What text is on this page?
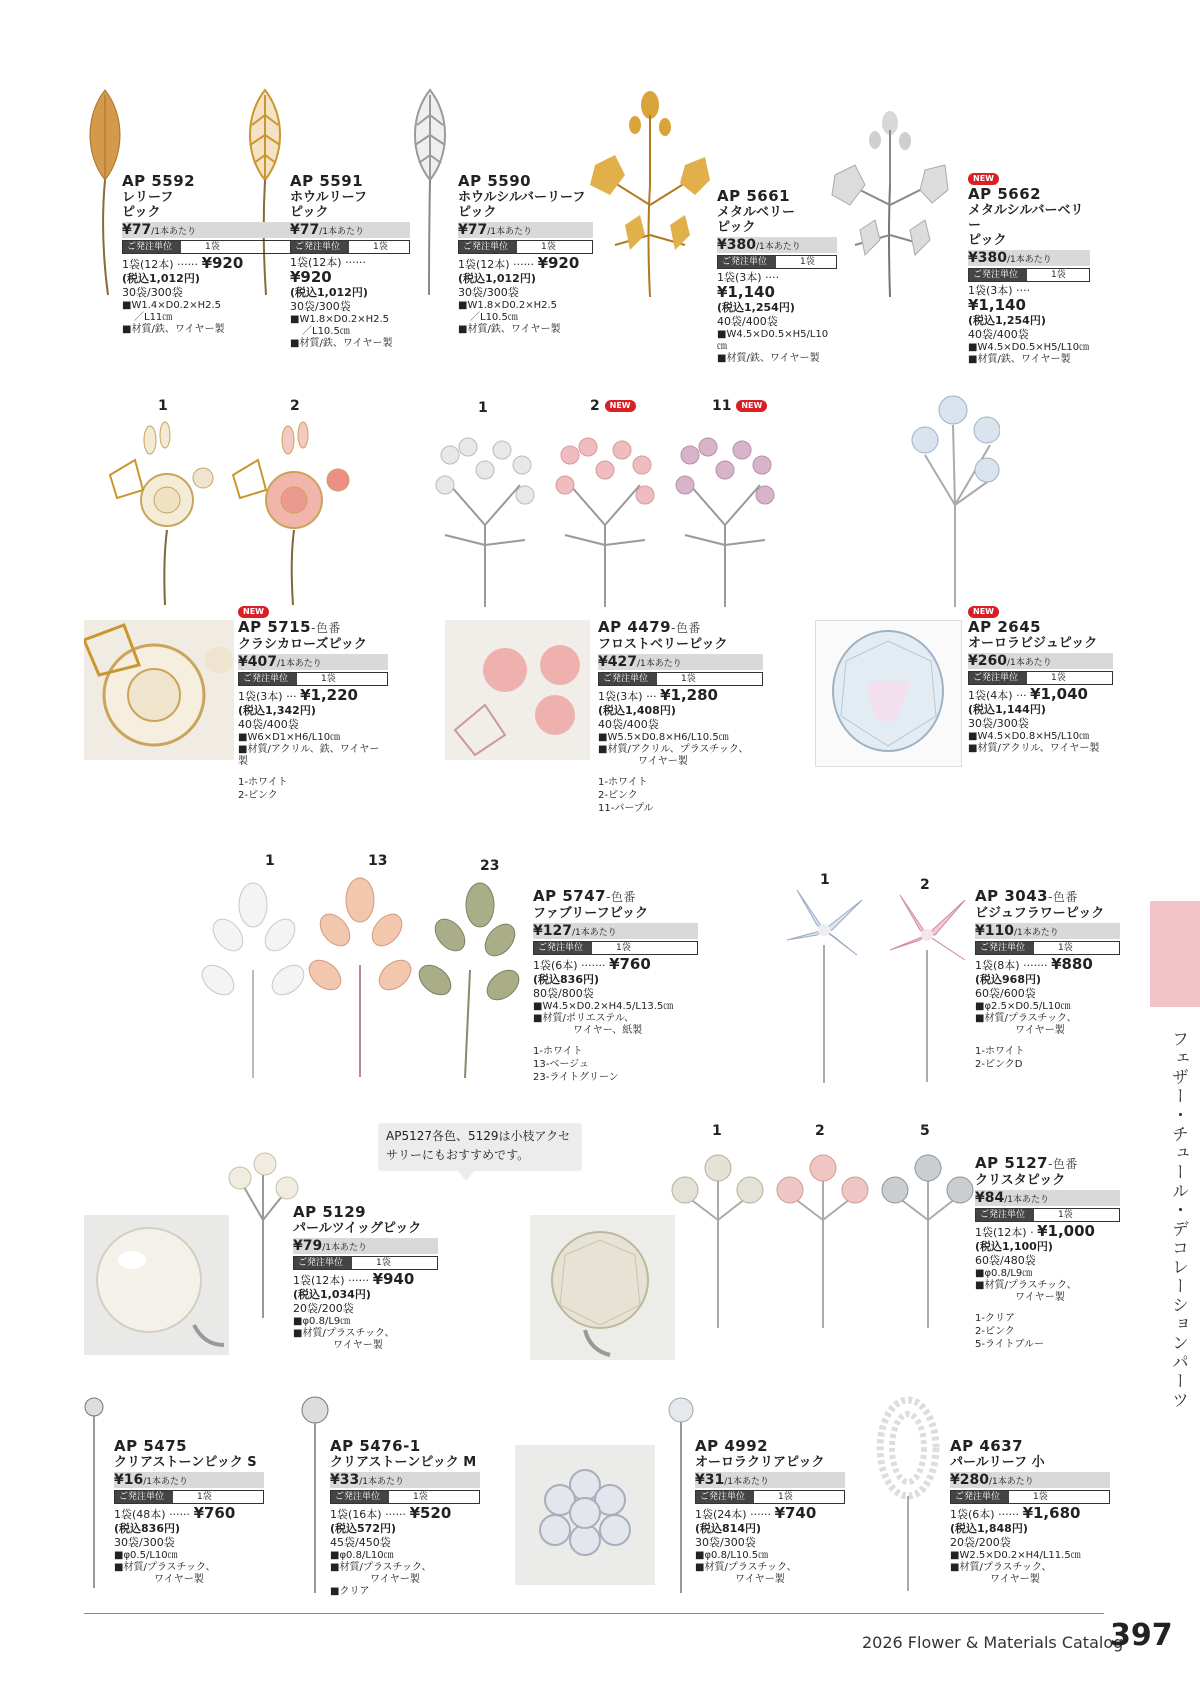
AP 5592
レリーフ
ピック
¥77/1本あたり
ご発注単位	1袋
1袋(12本) ······ ¥920
(税込1,012円)
30袋/300袋
■W1.4×D0.2×H2.5
／L11㎝
■材質/鉄、ワイヤー製
AP 5591
ホウルリーフ
ピック
¥77/1本あたり
ご発注単位	1袋
1袋(12本) ······ ¥920
(税込1,012円)
30袋/300袋
■W1.8×D0.2×H2.5
／L10.5㎝
■材質/鉄、ワイヤー製
AP 5590
ホウルシルバーリーフ
ピック
¥77/1本あたり
ご発注単位	1袋
1袋(12本) ······ ¥920
(税込1,012円)
30袋/300袋
■W1.8×D0.2×H2.5
／L10.5㎝
■材質/鉄、ワイヤー製
AP 5661
メタルベリー
ピック
¥380/1本あたり
ご発注単位	1袋
1袋(3本) ···· ¥1,140
(税込1,254円)
40袋/400袋
■W4.5×D0.5×H5/L10㎝
■材質/鉄、ワイヤー製
NEW
AP 5662
メタルシルバーベリー
ピック
¥380/1本あたり
ご発注単位	1袋
1袋(3本) ···· ¥1,140
(税込1,254円)
40袋/400袋
■W4.5×D0.5×H5/L10㎝
■材質/鉄、ワイヤー製
1	2
NEW
AP 5715-色番
クラシカローズピック
¥407/1本あたり
ご発注単位	1袋
1袋(3本) ··· ¥1,220
(税込1,342円)
40袋/400袋
■W6×D1×H6/L10㎝
■材質/アクリル、鉄、ワイヤー製
1-ホワイト
2-ピンク
1	2 NEW	11 NEW
AP 4479-色番
フロストベリーピック
¥427/1本あたり
ご発注単位	1袋
1袋(3本) ··· ¥1,280
(税込1,408円)
40袋/400袋
■W5.5×D0.8×H6/L10.5㎝
■材質/アクリル、プラスチック、
ワイヤー製
1-ホワイト
2-ピンク
11-パープル
NEW
AP 2645
オーロラビジュピック
¥260/1本あたり
ご発注単位	1袋
1袋(4本) ··· ¥1,040
(税込1,144円)
30袋/300袋
■W4.5×D0.8×H5/L10㎝
■材質/アクリル、ワイヤー製
1	13	23
AP 5747-色番
ファブリーフピック
¥127/1本あたり
ご発注単位	1袋
1袋(6本) ······· ¥760
(税込836円)
80袋/800袋
■W4.5×D0.2×H4.5/L13.5㎝
■材質/ポリエステル、
ワイヤー、紙製
1-ホワイト
13-ベージュ
23-ライトグリーン
1	2
AP 3043-色番
ビジュフラワーピック
¥110/1本あたり
ご発注単位	1袋
1袋(8本) ······· ¥880
(税込968円)
60袋/600袋
■φ2.5×D0.5/L10㎝
■材質/プラスチック、
ワイヤー製
1-ホワイト
2-ピンクD	フェザー・チュール・デコレーションパーツ
AP5127各色、5129は小枝アクセサリーにもおすすめです。
AP 5129
パールツイッグピック
¥79/1本あたり
ご発注単位	1袋
1袋(12本) ······ ¥940
(税込1,034円)
20袋/200袋
■φ0.8/L9㎝
■材質/プラスチック、
ワイヤー製
1	2	5
AP 5127-色番
クリスタピック
¥84/1本あたり
ご発注単位	1袋
1袋(12本) · ¥1,000
(税込1,100円)
60袋/480袋
■φ0.8/L9㎝
■材質/プラスチック、
ワイヤー製
1-クリア
2-ピンク
5-ライトブルー
AP 5475
クリアストーンピック S
¥16/1本あたり
ご発注単位	1袋
1袋(48本) ······ ¥760
(税込836円)
30袋/300袋
■φ0.5/L10㎝
■材質/プラスチック、
ワイヤー製
AP 5476-1
クリアストーンピック M
¥33/1本あたり
ご発注単位	1袋
1袋(16本) ······ ¥520
(税込572円)
45袋/450袋
■φ0.8/L10㎝
■材質/プラスチック、
ワイヤー製
■クリア
AP 4992
オーロラクリアピック
¥31/1本あたり
ご発注単位	1袋
1袋(24本) ······ ¥740
(税込814円)
30袋/300袋
■φ0.8/L10.5㎝
■材質/プラスチック、
ワイヤー製
AP 4637
パールリーフ 小
¥280/1本あたり
ご発注単位	1袋
1袋(6本) ······ ¥1,680
(税込1,848円)
20袋/200袋
■W2.5×D0.2×H4/L11.5㎝
■材質/プラスチック、
ワイヤー製
2026 Flower & Materials Catalog
397
